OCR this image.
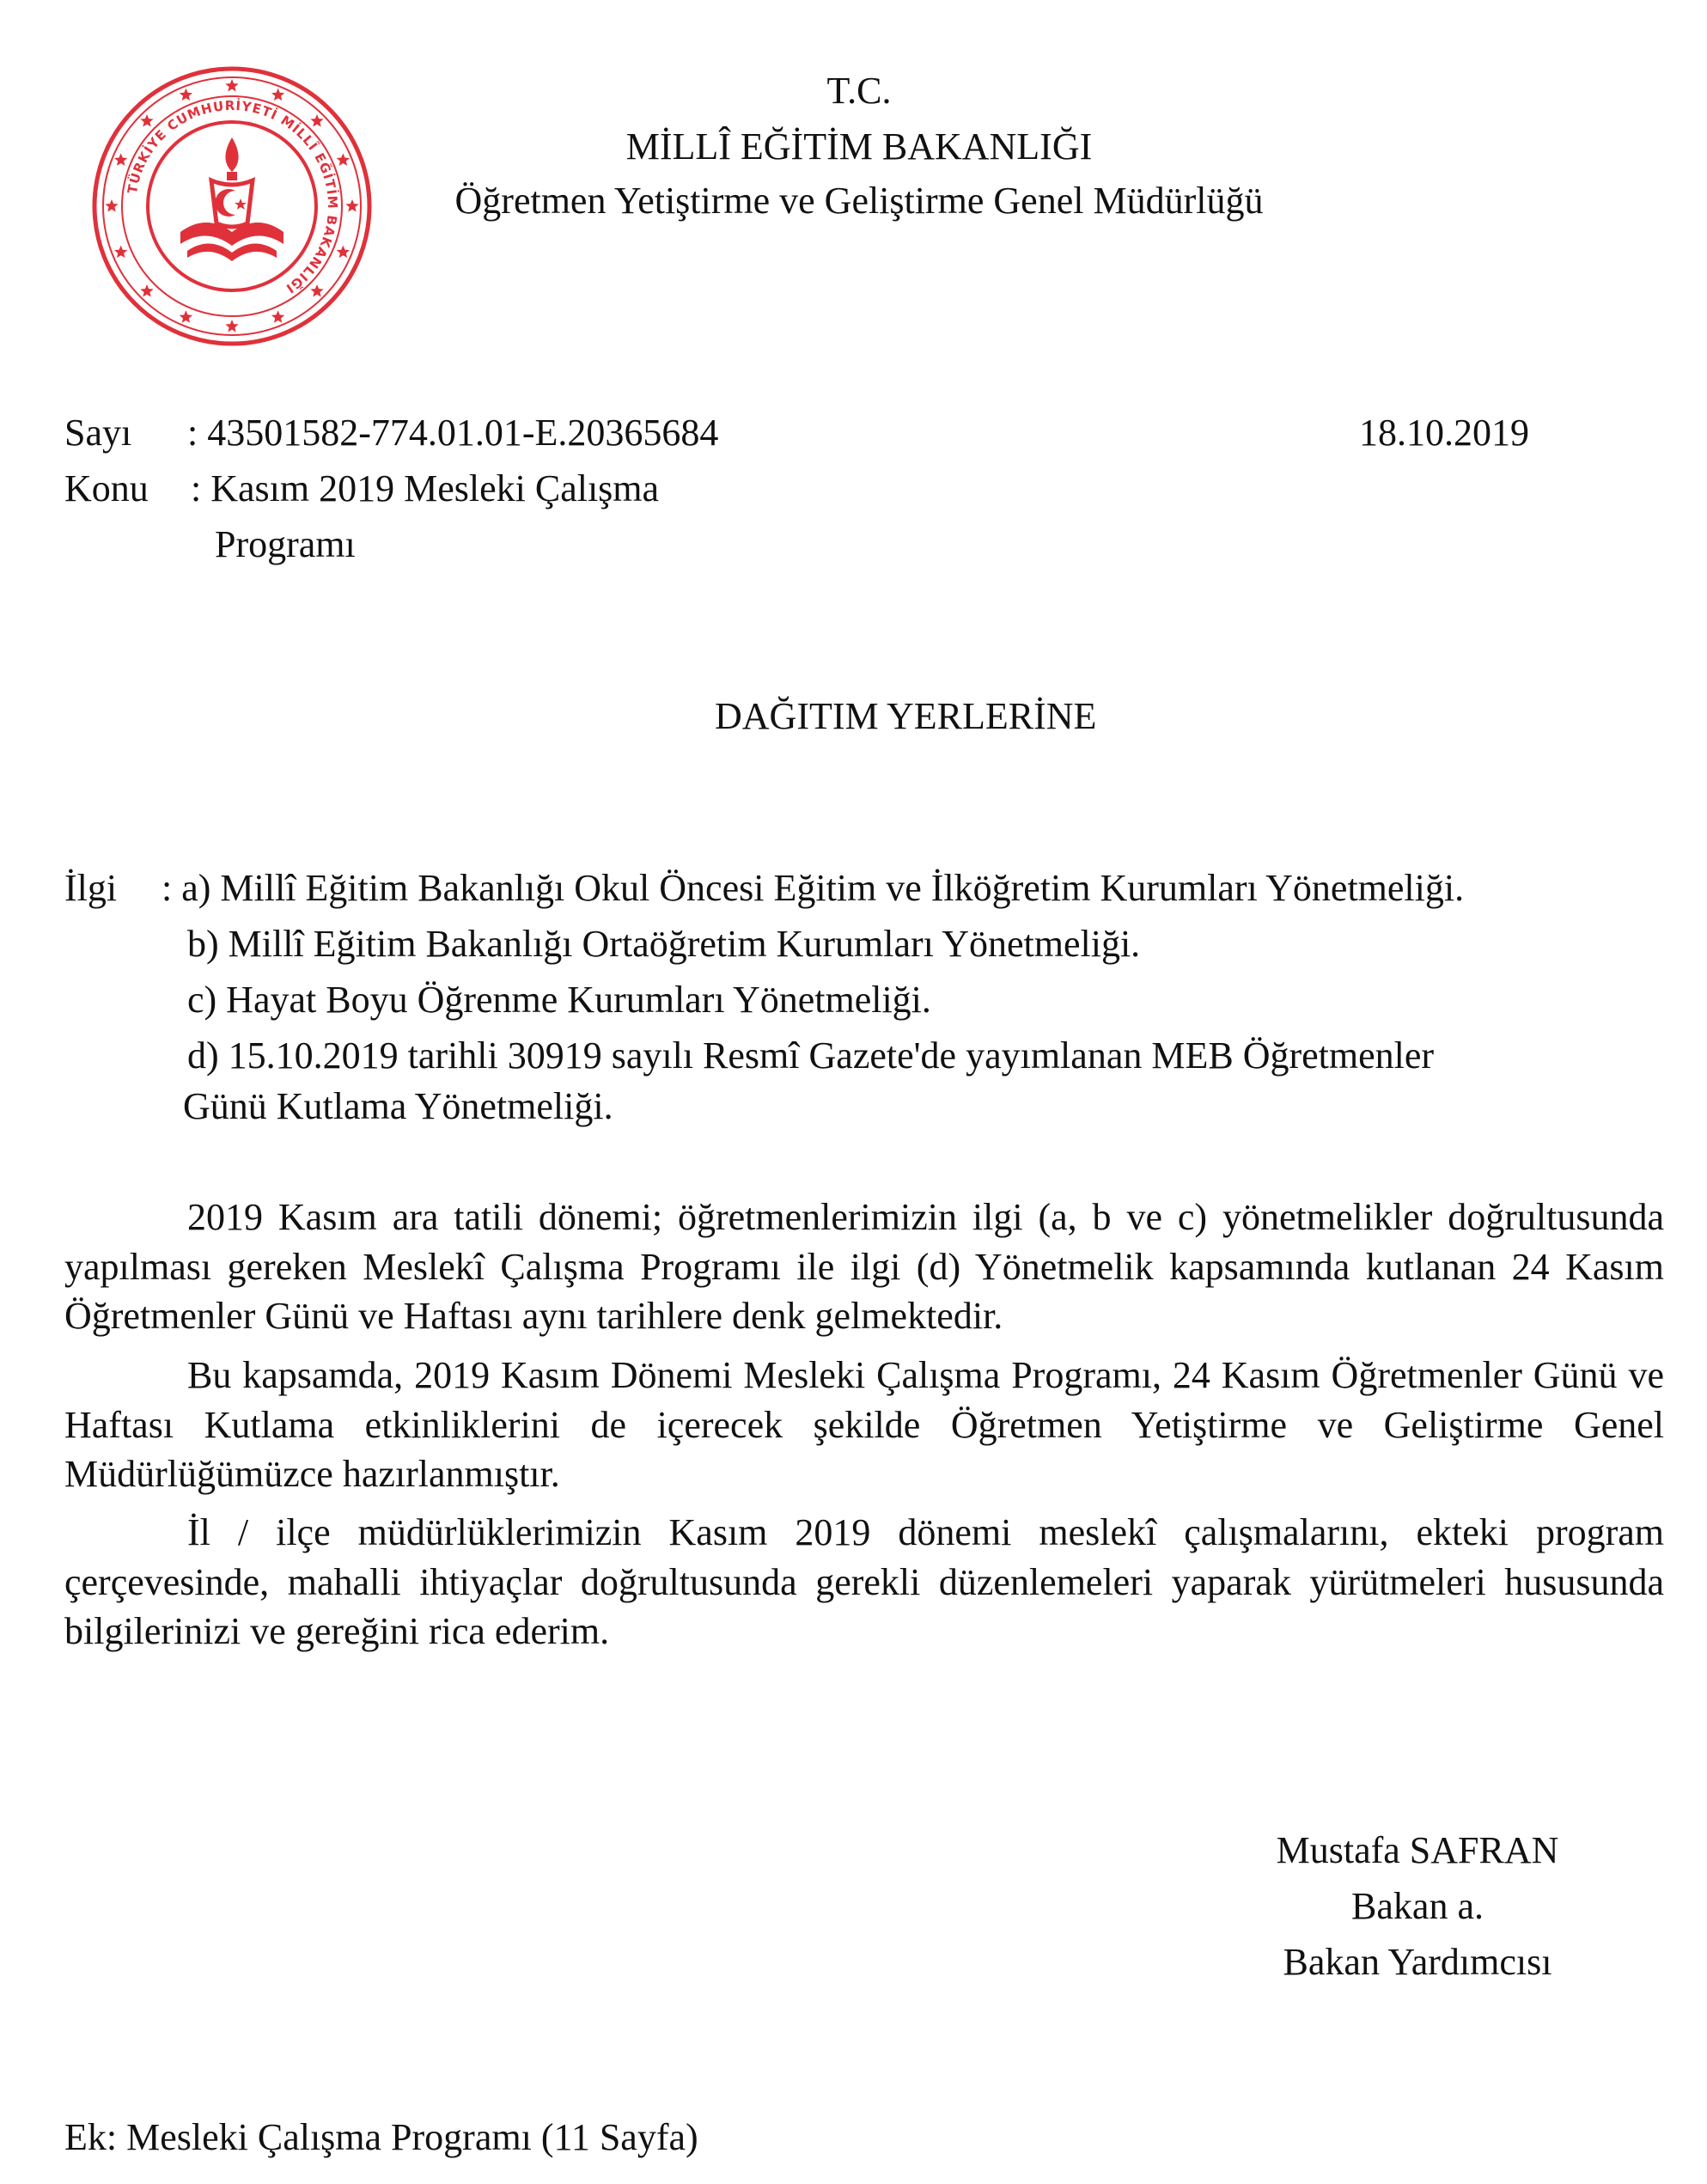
TÜRKİYE CUMHURİYETİ MİLLÎ EĞİTİM BAKANLIĞI
T.C.
MİLLÎ EĞİTİM BAKANLIĞI
Öğretmen Yetiştirme ve Geliştirme Genel Müdürlüğü
Sayı : 43501582-774.01.01-E.20365684	18.10.2019
Konu : Kasım 2019 Mesleki Çalışma
Programı
DAĞITIM YERLERİNE
İlgi : a) Millî Eğitim Bakanlığı Okul Öncesi Eğitim ve İlköğretim Kurumları Yönetmeliği.
b) Millî Eğitim Bakanlığı Ortaöğretim Kurumları Yönetmeliği.
c) Hayat Boyu Öğrenme Kurumları Yönetmeliği.
d) 15.10.2019 tarihli 30919 sayılı Resmî Gazete'de yayımlanan MEB Öğretmenler
Günü Kutlama Yönetmeliği.
2019 Kasım ara tatili dönemi; öğretmenlerimizin ilgi (a, b ve c) yönetmelikler doğrultusunda yapılması gereken Meslekî Çalışma Programı ile ilgi (d) Yönetmelik kapsamında kutlanan 24 Kasım Öğretmenler Günü ve Haftası aynı tarihlere denk gelmektedir.
Bu kapsamda, 2019 Kasım Dönemi Mesleki Çalışma Programı, 24 Kasım Öğretmenler Günü ve Haftası Kutlama etkinliklerini de içerecek şekilde Öğretmen Yetiştirme ve Geliştirme Genel Müdürlüğümüzce hazırlanmıştır.
İl / ilçe müdürlüklerimizin Kasım 2019 dönemi meslekî çalışmalarını, ekteki program çerçevesinde, mahalli ihtiyaçlar doğrultusunda gerekli düzenlemeleri yaparak yürütmeleri hususunda bilgilerinizi ve gereğini rica ederim.
Mustafa SAFRAN
Bakan a.
Bakan Yardımcısı
Ek: Mesleki Çalışma Programı (11 Sayfa)
